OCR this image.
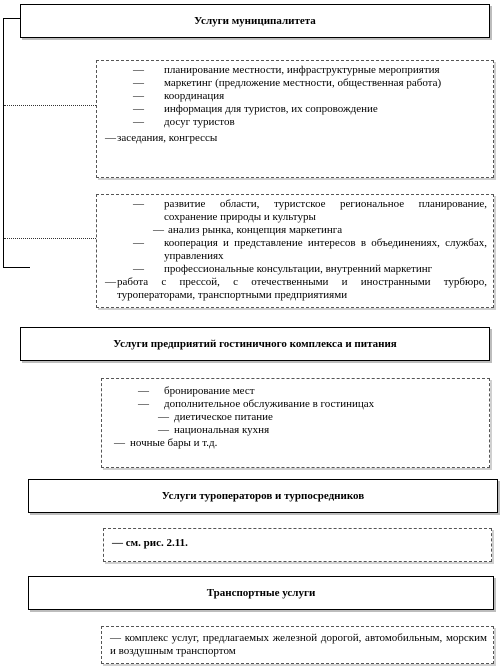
Услуги муниципалитета
—	планирование местности, инфраструктурные мероприятия
—	маркетинг (предложение местности, общественная работа)
—	координация
—	информация для туристов, их сопровождение
—	досуг туристов
— заседания, конгрессы
—	развитие области, туристское региональное планирование, сохранение природы и культуры
— анализ рынка, концепция маркетинга
—	кооперация и представление интересов в объединениях, службах, управлениях
—	профессиональные консультации, внутренний маркетинг
— работа с прессой, с отечественными и иностранными турбюро, туроператорами, транспортными предприятиями
Услуги предприятий гостиничного комплекса и питания
—	бронирование мест
—	дополнительное обслуживание в гостиницах
— диетическое питание
— национальная кухня
— ночные бары и т.д.
Услуги туроператоров и турпосредников
— см. рис. 2.11.
Транспортные услуги
— комплекс услуг, предлагаемых железной дорогой, автомобильным, морским и воздушным транспортом
